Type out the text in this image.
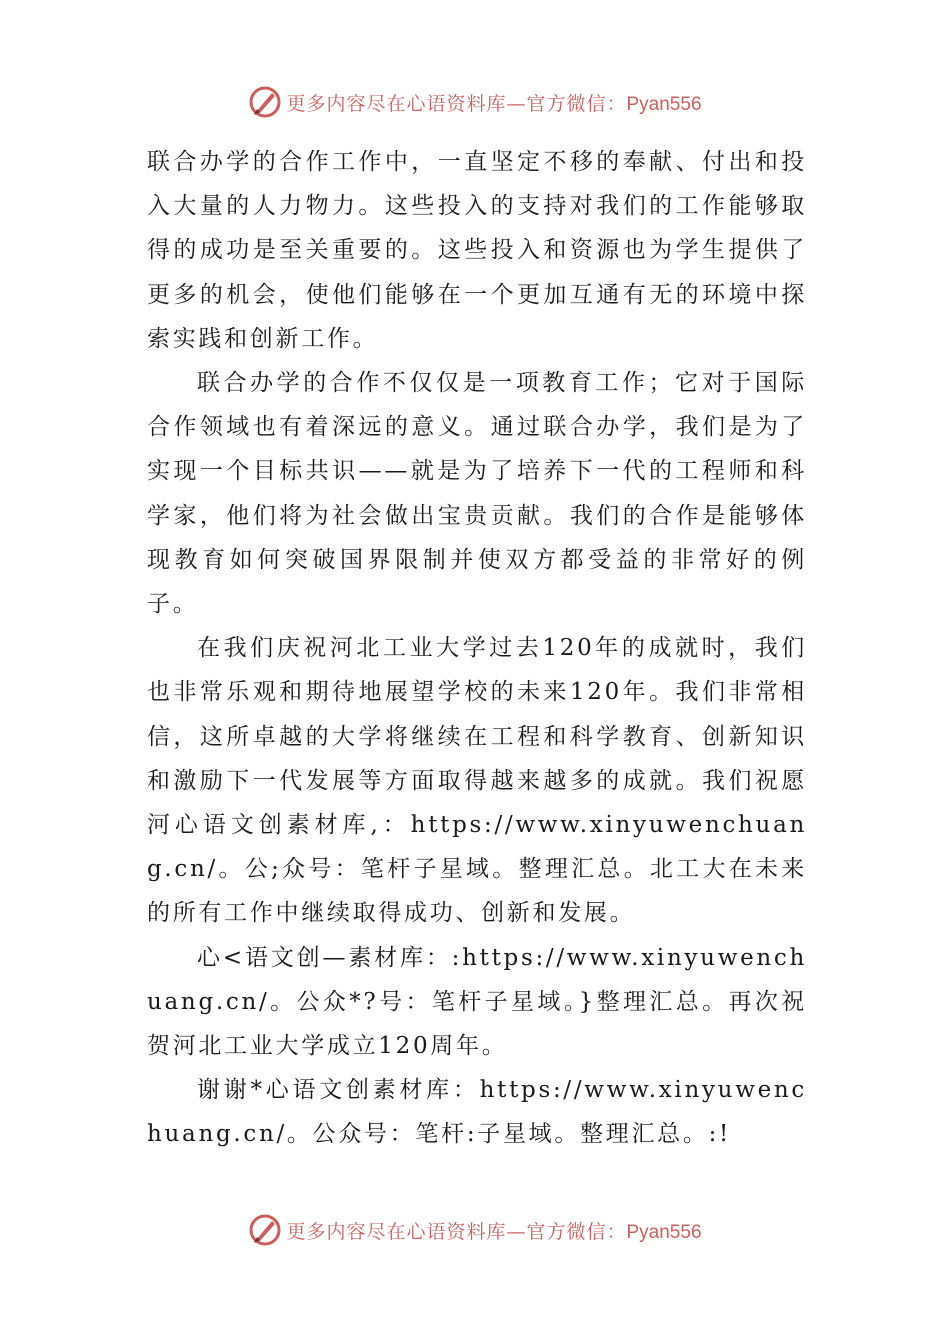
更多内容尽在心语资料库—官方微信：Pyan556

联合办学的合作工作中，一直坚定不移的奉献、付出和投入大量的人力物力。这些投入的支持对我们的工作能够取得的成功是至关重要的。这些投入和资源也为学生提供了更多的机会，使他们能够在一个更加互通有无的环境中探索实践和创新工作。

联合办学的合作不仅仅是一项教育工作；它对于国际合作领域也有着深远的意义。通过联合办学，我们是为了实现一个目标共识——就是为了培养下一代的工程师和科学家，他们将为社会做出宝贵贡献。我们的合作是能够体现教育如何突破国界限制并使双方都受益的非常好的例子。

在我们庆祝河北工业大学过去120年的成就时，我们也非常乐观和期待地展望学校的未来120年。我们非常相信，这所卓越的大学将继续在工程和科学教育、创新知识和激励下一代发展等方面取得越来越多的成就。我们祝愿河心语文创素材库,：https://www.xinyuwenchuang.cn/。公;众号：笔杆子星域。整理汇总。北工大在未来的所有工作中继续取得成功、创新和发展。

心<语文创—素材库：:https://www.xinyuwenchuang.cn/。公众*?号：笔杆子星域。}整理汇总。再次祝贺河北工业大学成立120周年。

谢谢*心语文创素材库：https://www.xinyuwenchuang.cn/。公众号：笔杆:子星域。整理汇总。:!

更多内容尽在心语资料库—官方微信：Pyan556
